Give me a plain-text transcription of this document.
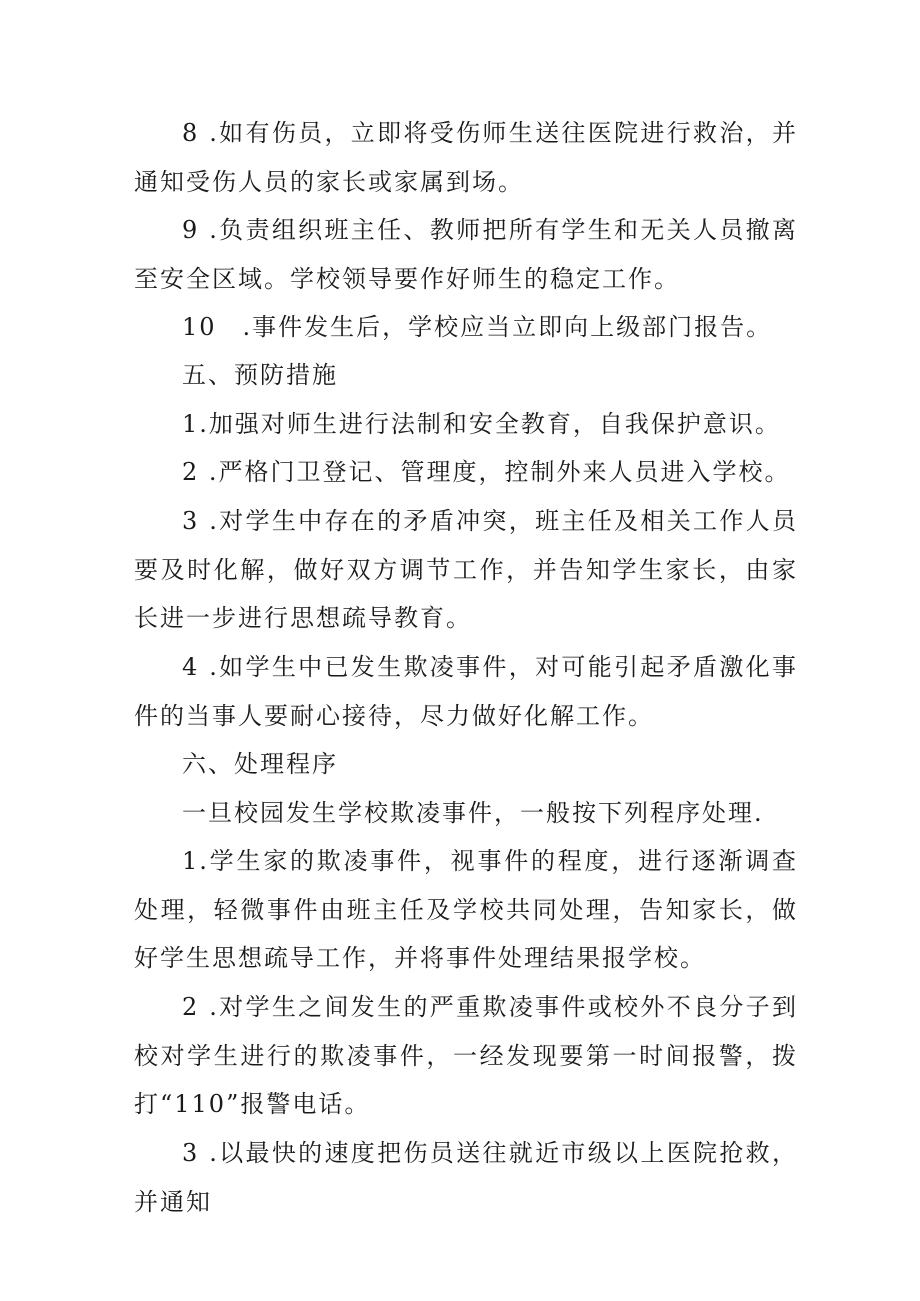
8 .如有伤员，立即将受伤师生送往医院进行救治，并通知受伤人员的家长或家属到场。

9 .负责组织班主任、教师把所有学生和无关人员撤离至安全区域。学校领导要作好师生的稳定工作。

10　.事件发生后，学校应当立即向上级部门报告。

五、预防措施

1.加强对师生进行法制和安全教育，自我保护意识。

2 .严格门卫登记、管理度，控制外来人员进入学校。

3 .对学生中存在的矛盾冲突，班主任及相关工作人员要及时化解，做好双方调节工作，并告知学生家长，由家长进一步进行思想疏导教育。

4 .如学生中已发生欺凌事件，对可能引起矛盾激化事件的当事人要耐心接待，尽力做好化解工作。

六、处理程序

一旦校园发生学校欺凌事件，一般按下列程序处理.

1.学生家的欺凌事件，视事件的程度，进行逐渐调查处理，轻微事件由班主任及学校共同处理，告知家长，做好学生思想疏导工作，并将事件处理结果报学校。

2 .对学生之间发生的严重欺凌事件或校外不良分子到校对学生进行的欺凌事件，一经发现要第一时间报警，拨打“110”报警电话。

3 .以最快的速度把伤员送往就近市级以上医院抢救，并通知
